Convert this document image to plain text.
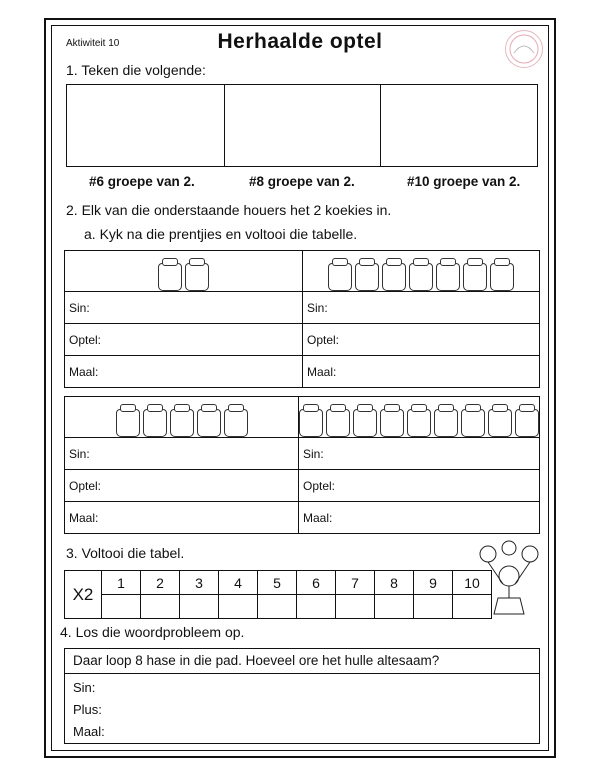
Aktiwiteit 10	Herhaalde optel
1. Teken die volgende:
#6 groepe van 2.	#8 groepe van 2.	#10 groepe van 2.
2. Elk van die onderstaande houers het 2 koekies in.
a. Kyk na die prentjies en voltooi die tabelle.

Sin:	Sin:
Optel:	Optel:
Maal:	Maal:

Sin:	Sin:
Optel:	Optel:
Maal:	Maal:
3. Voltooi die tabel.
X2	1	2	3	4	5	6	7	8	9	10

4. Los die woordprobleem op.
Daar loop 8 hase in die pad. Hoeveel ore het hulle altesaam?
Sin:
Plus:
Maal:
